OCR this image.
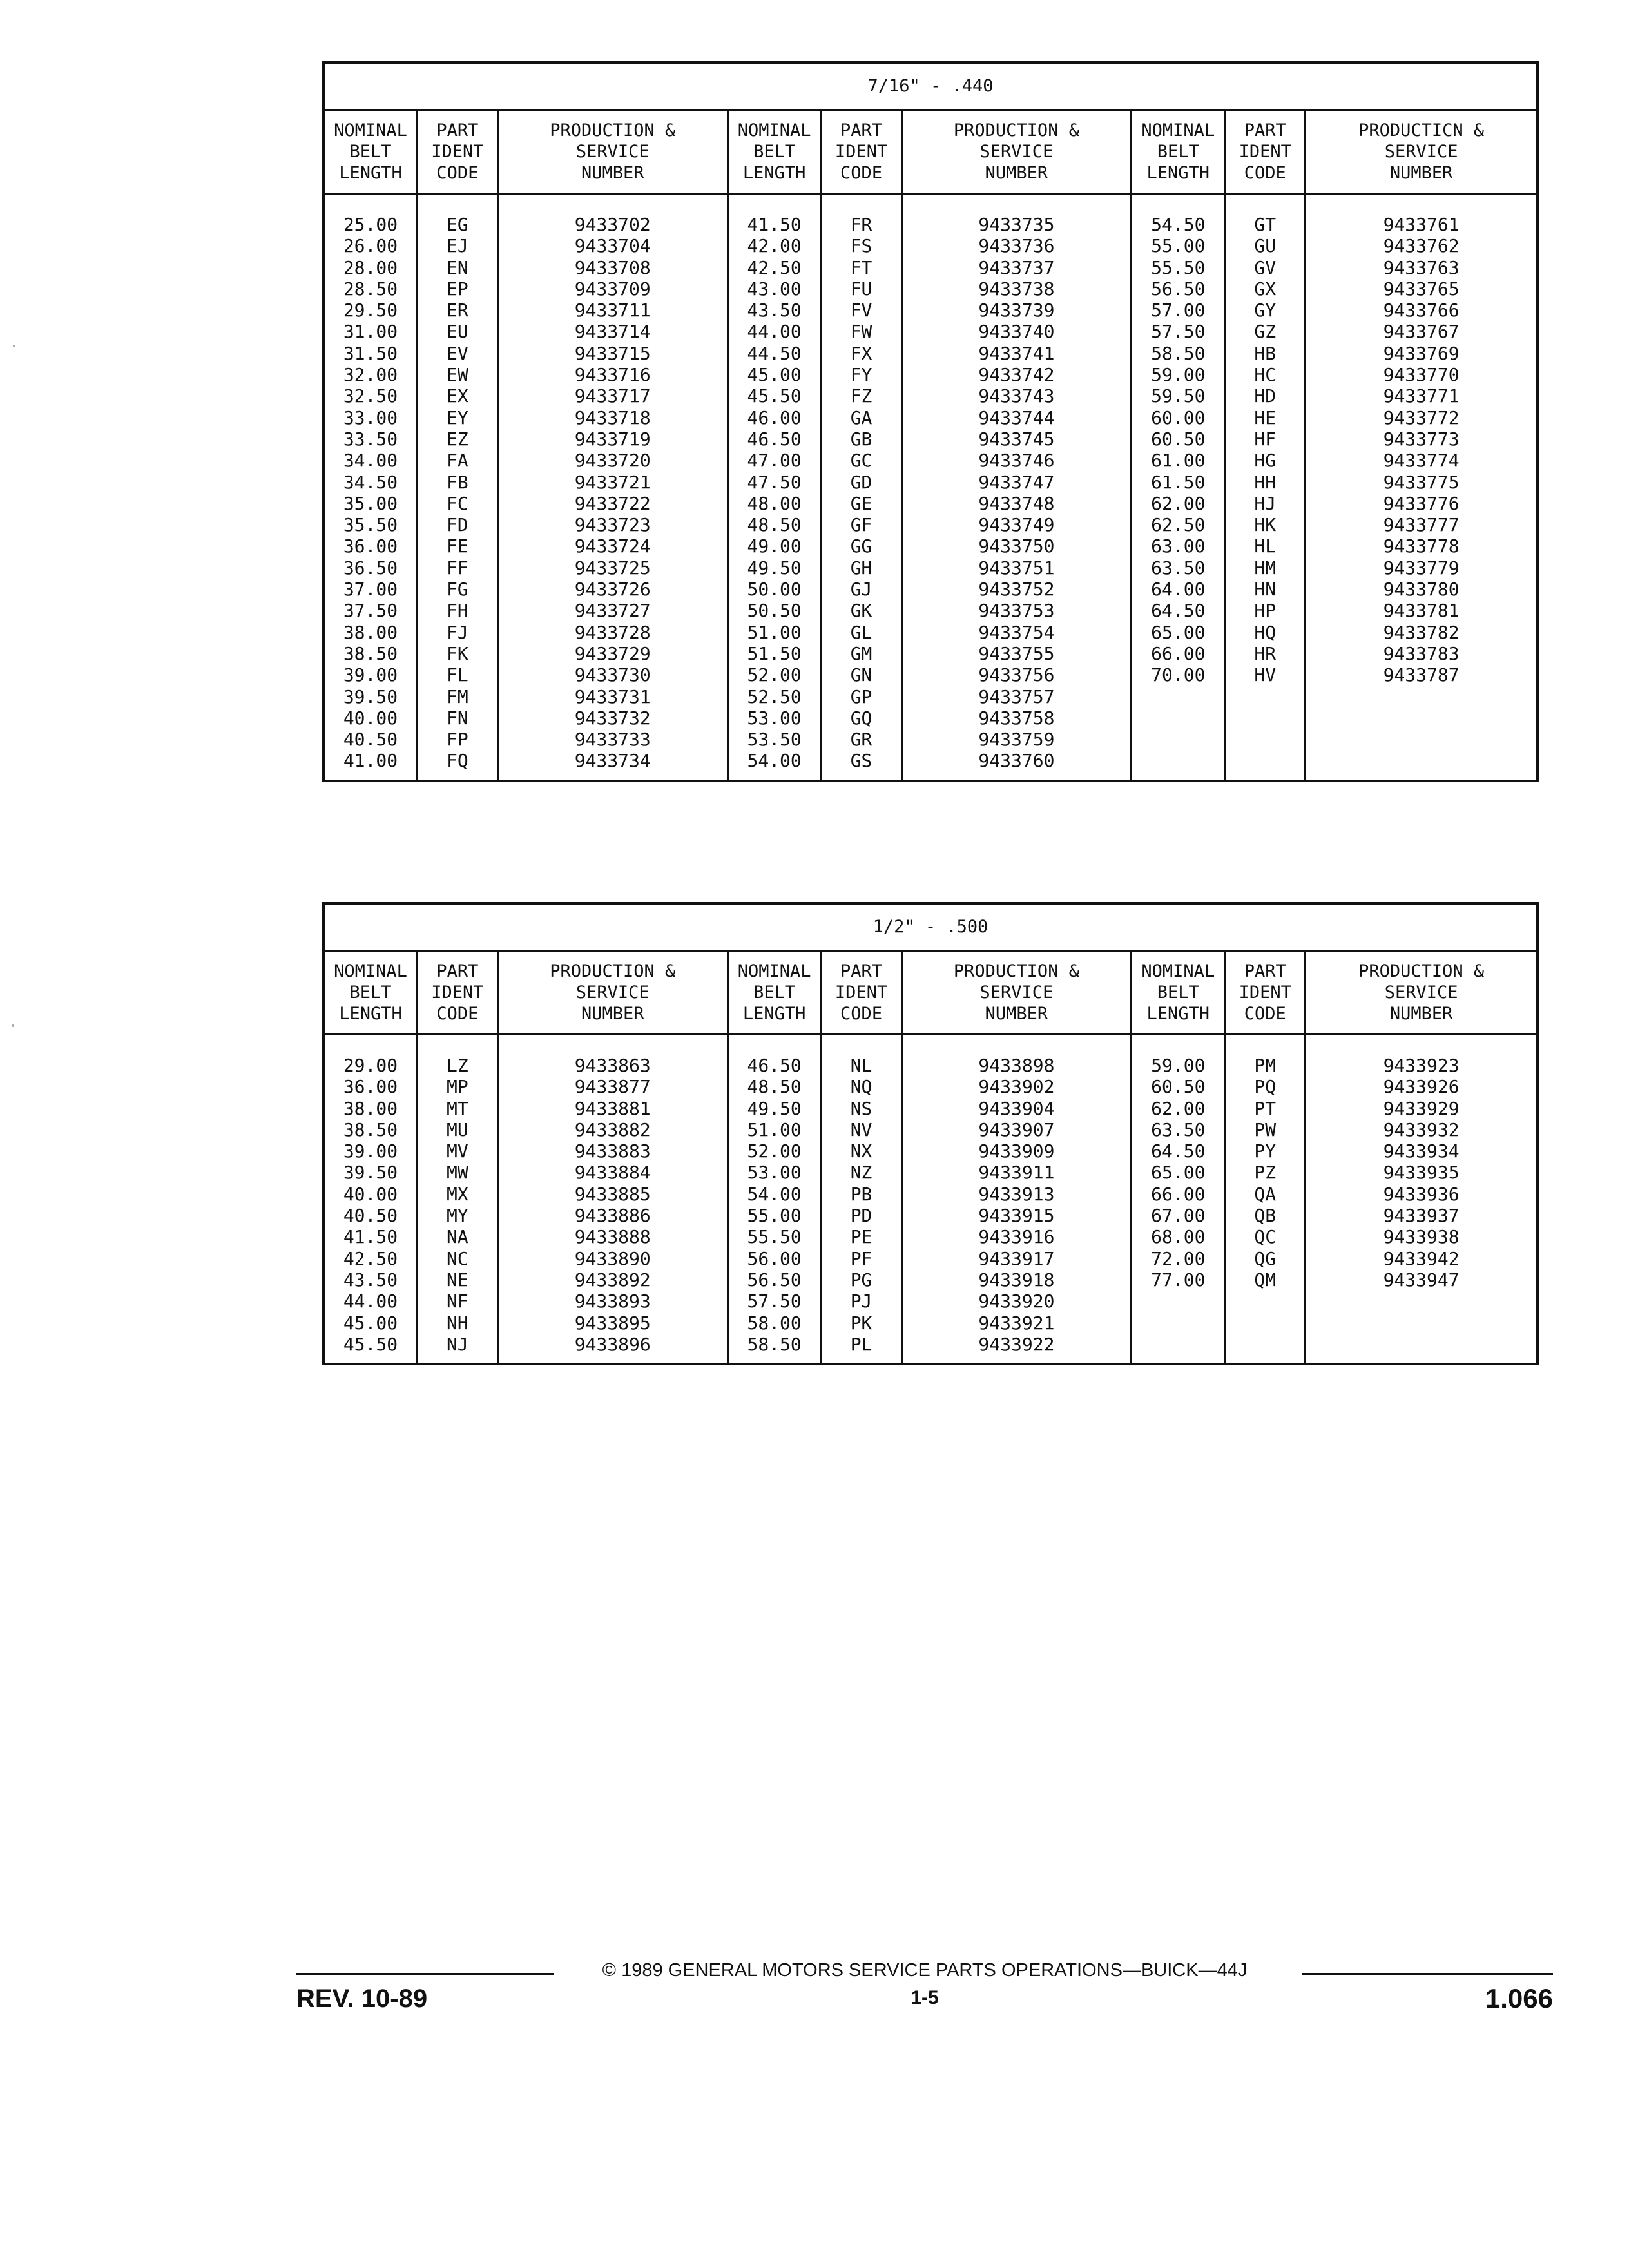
7/16" - .440
NOMINAL
BELT
LENGTH
25.00
26.00
28.00
28.50
29.50
31.00
31.50
32.00
32.50
33.00
33.50
34.00
34.50
35.00
35.50
36.00
36.50
37.00
37.50
38.00
38.50
39.00
39.50
40.00
40.50
41.00
PART
IDENT
CODE
EG
EJ
EN
EP
ER
EU
EV
EW
EX
EY
EZ
FA
FB
FC
FD
FE
FF
FG
FH
FJ
FK
FL
FM
FN
FP
FQ
PRODUCTION &
SERVICE
NUMBER
9433702
9433704
9433708
9433709
9433711
9433714
9433715
9433716
9433717
9433718
9433719
9433720
9433721
9433722
9433723
9433724
9433725
9433726
9433727
9433728
9433729
9433730
9433731
9433732
9433733
9433734
NOMINAL
BELT
LENGTH
41.50
42.00
42.50
43.00
43.50
44.00
44.50
45.00
45.50
46.00
46.50
47.00
47.50
48.00
48.50
49.00
49.50
50.00
50.50
51.00
51.50
52.00
52.50
53.00
53.50
54.00
PART
IDENT
CODE
FR
FS
FT
FU
FV
FW
FX
FY
FZ
GA
GB
GC
GD
GE
GF
GG
GH
GJ
GK
GL
GM
GN
GP
GQ
GR
GS
PRODUCTION &
SERVICE
NUMBER
9433735
9433736
9433737
9433738
9433739
9433740
9433741
9433742
9433743
9433744
9433745
9433746
9433747
9433748
9433749
9433750
9433751
9433752
9433753
9433754
9433755
9433756
9433757
9433758
9433759
9433760
NOMINAL
BELT
LENGTH
54.50
55.00
55.50
56.50
57.00
57.50
58.50
59.00
59.50
60.00
60.50
61.00
61.50
62.00
62.50
63.00
63.50
64.00
64.50
65.00
66.00
70.00
PART
IDENT
CODE
GT
GU
GV
GX
GY
GZ
HB
HC
HD
HE
HF
HG
HH
HJ
HK
HL
HM
HN
HP
HQ
HR
HV
PRODUCTICN &
SERVICE
NUMBER
9433761
9433762
9433763
9433765
9433766
9433767
9433769
9433770
9433771
9433772
9433773
9433774
9433775
9433776
9433777
9433778
9433779
9433780
9433781
9433782
9433783
9433787
1/2" - .500
NOMINAL
BELT
LENGTH
29.00
36.00
38.00
38.50
39.00
39.50
40.00
40.50
41.50
42.50
43.50
44.00
45.00
45.50
PART
IDENT
CODE
LZ
MP
MT
MU
MV
MW
MX
MY
NA
NC
NE
NF
NH
NJ
PRODUCTION &
SERVICE
NUMBER
9433863
9433877
9433881
9433882
9433883
9433884
9433885
9433886
9433888
9433890
9433892
9433893
9433895
9433896
NOMINAL
BELT
LENGTH
46.50
48.50
49.50
51.00
52.00
53.00
54.00
55.00
55.50
56.00
56.50
57.50
58.00
58.50
PART
IDENT
CODE
NL
NQ
NS
NV
NX
NZ
PB
PD
PE
PF
PG
PJ
PK
PL
PRODUCTION &
SERVICE
NUMBER
9433898
9433902
9433904
9433907
9433909
9433911
9433913
9433915
9433916
9433917
9433918
9433920
9433921
9433922
NOMINAL
BELT
LENGTH
59.00
60.50
62.00
63.50
64.50
65.00
66.00
67.00
68.00
72.00
77.00
PART
IDENT
CODE
PM
PQ
PT
PW
PY
PZ
QA
QB
QC
QG
QM
PRODUCTION &
SERVICE
NUMBER
9433923
9433926
9433929
9433932
9433934
9433935
9433936
9433937
9433938
9433942
9433947
© 1989 GENERAL MOTORS SERVICE PARTS OPERATIONS—BUICK—44J
REV. 10-89	1-5	1.066
